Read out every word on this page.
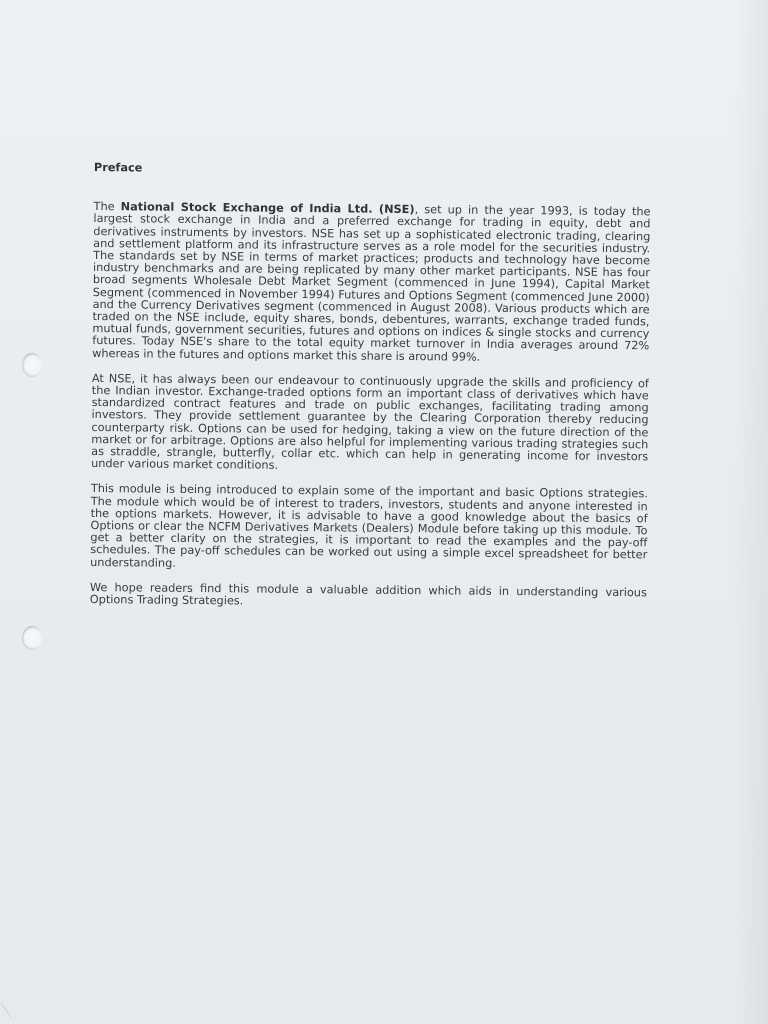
Preface

The National Stock Exchange of India Ltd. (NSE), set up in the year 1993, is today the largest stock exchange in India and a preferred exchange for trading in equity, debt and derivatives instruments by investors. NSE has set up a sophisticated electronic trading, clearing and settlement platform and its infrastructure serves as a role model for the securities industry. The standards set by NSE in terms of market practices; products and technology have become industry benchmarks and are being replicated by many other market participants. NSE has four broad segments Wholesale Debt Market Segment (commenced in June 1994), Capital Market Segment (commenced in November 1994) Futures and Options Segment (commenced June 2000) and the Currency Derivatives segment (commenced in August 2008). Various products which are traded on the NSE include, equity shares, bonds, debentures, warrants, exchange traded funds, mutual funds, government securities, futures and options on indices & single stocks and currency futures. Today NSE's share to the total equity market turnover in India averages around 72% whereas in the futures and options market this share is around 99%.

At NSE, it has always been our endeavour to continuously upgrade the skills and proficiency of the Indian investor. Exchange-traded options form an important class of derivatives which have standardized contract features and trade on public exchanges, facilitating trading among investors. They provide settlement guarantee by the Clearing Corporation thereby reducing counterparty risk. Options can be used for hedging, taking a view on the future direction of the market or for arbitrage. Options are also helpful for implementing various trading strategies such as straddle, strangle, butterfly, collar etc. which can help in generating income for investors under various market conditions.

This module is being introduced to explain some of the important and basic Options strategies. The module which would be of interest to traders, investors, students and anyone interested in the options markets. However, it is advisable to have a good knowledge about the basics of Options or clear the NCFM Derivatives Markets (Dealers) Module before taking up this module. To get a better clarity on the strategies, it is important to read the examples and the pay-off schedules. The pay-off schedules can be worked out using a simple excel spreadsheet for better understanding.

We hope readers find this module a valuable addition which aids in understanding various Options Trading Strategies.
